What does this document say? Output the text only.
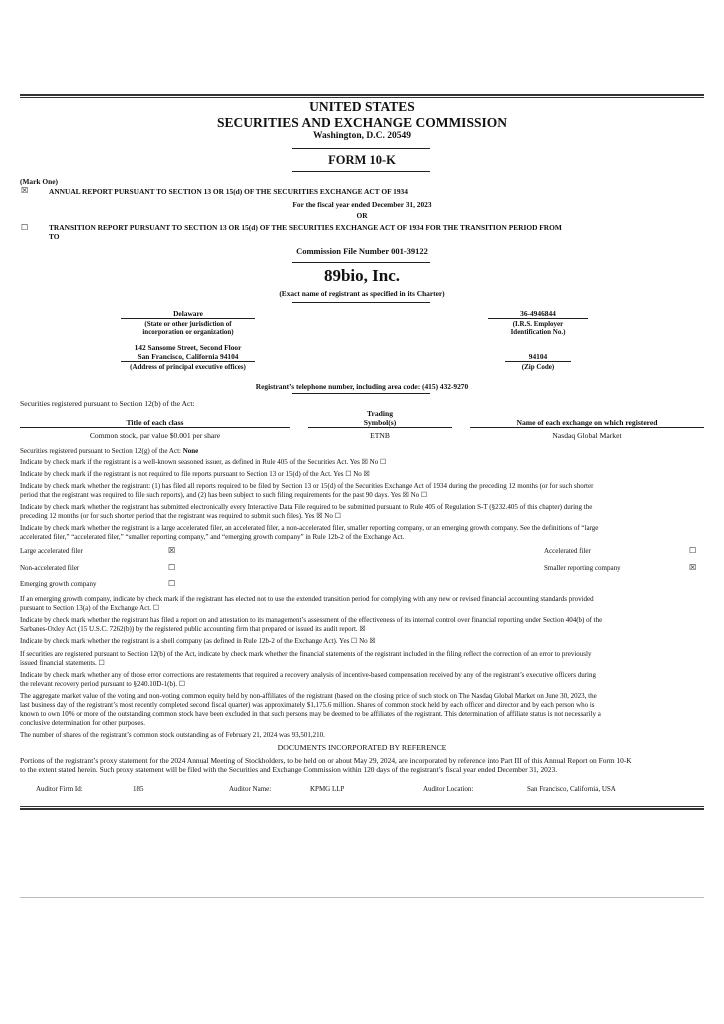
UNITED STATES
SECURITIES AND EXCHANGE COMMISSION
Washington, D.C. 20549
FORM 10-K
(Mark One)
☒	ANNUAL REPORT PURSUANT TO SECTION 13 OR 15(d) OF THE SECURITIES EXCHANGE ACT OF 1934
For the fiscal year ended December 31, 2023
OR
☐	TRANSITION REPORT PURSUANT TO SECTION 13 OR 15(d) OF THE SECURITIES EXCHANGE ACT OF 1934 FOR THE TRANSITION PERIOD FROM
TO
Commission File Number 001-39122
89bio, Inc.
(Exact name of registrant as specified in its Charter)
Delaware
(State or other jurisdiction of
incorporation or organization)
36-4946844
(I.R.S. Employer
Identification No.)
142 Sansome Street, Second Floor
San Francisco, California 94104
(Address of principal executive offices)
94104
(Zip Code)
Registrant’s telephone number, including area code: (415) 432-9270
Securities registered pursuant to Section 12(b) of the Act:
Title of each class		Trading
Symbol(s)		Name of each exchange on which registered
Common stock, par value $0.001 per share		ETNB		Nasdaq Global Market
Securities registered pursuant to Section 12(g) of the Act: None
Indicate by check mark if the registrant is a well-known seasoned issuer, as defined in Rule 405 of the Securities Act. Yes ☒ No ☐
Indicate by check mark if the registrant is not required to file reports pursuant to Section 13 or 15(d) of the Act. Yes ☐ No ☒
Indicate by check mark whether the registrant: (1) has filed all reports required to be filed by Section 13 or 15(d) of the Securities Exchange Act of 1934 during the preceding 12 months (or for such shorter
period that the registrant was required to file such reports), and (2) has been subject to such filing requirements for the past 90 days. Yes ☒ No ☐
Indicate by check mark whether the registrant has submitted electronically every Interactive Data File required to be submitted pursuant to Rule 405 of Regulation S-T (§232.405 of this chapter) during the
preceding 12 months (or for such shorter period that the registrant was required to submit such files). Yes ☒ No ☐
Indicate by check mark whether the registrant is a large accelerated filer, an accelerated filer, a non-accelerated filer, smaller reporting company, or an emerging growth company. See the definitions of “large
accelerated filer,” “accelerated filer,” “smaller reporting company,” and “emerging growth company” in Rule 12b-2 of the Exchange Act.
Large accelerated filer	☒	Accelerated filer	☐
Non-accelerated filer	☐	Smaller reporting company	☒
Emerging growth company	☐
If an emerging growth company, indicate by check mark if the registrant has elected not to use the extended transition period for complying with any new or revised financial accounting standards provided
pursuant to Section 13(a) of the Exchange Act. ☐
Indicate by check mark whether the registrant has filed a report on and attestation to its management’s assessment of the effectiveness of its internal control over financial reporting under Section 404(b) of the
Sarbanes-Oxley Act (15 U.S.C. 7262(b)) by the registered public accounting firm that prepared or issued its audit report. ☒
Indicate by check mark whether the registrant is a shell company (as defined in Rule 12b-2 of the Exchange Act). Yes ☐ No ☒
If securities are registered pursuant to Section 12(b) of the Act, indicate by check mark whether the financial statements of the registrant included in the filing reflect the correction of an error to previously
issued financial statements. ☐
Indicate by check mark whether any of those error corrections are restatements that required a recovery analysis of incentive-based compensation received by any of the registrant’s executive officers during
the relevant recovery period pursuant to §240.10D-1(b). ☐
The aggregate market value of the voting and non-voting common equity held by non-affiliates of the registrant (based on the closing price of such stock on The Nasdaq Global Market on June 30, 2023, the
last business day of the registrant’s most recently completed second fiscal quarter) was approximately $1,175.6 million. Shares of common stock held by each officer and director and by each person who is
known to own 10% or more of the outstanding common stock have been excluded in that such persons may be deemed to be affiliates of the registrant. This determination of affiliate status is not necessarily a
conclusive determination for other purposes.
The number of shares of the registrant’s common stock outstanding as of February 21, 2024 was 93,501,210.
DOCUMENTS INCORPORATED BY REFERENCE
Portions of the registrant’s proxy statement for the 2024 Annual Meeting of Stockholders, to be held on or about May 29, 2024, are incorporated by reference into Part III of this Annual Report on Form 10-K
to the extent stated herein. Such proxy statement will be filed with the Securities and Exchange Commission within 120 days of the registrant’s fiscal year ended December 31, 2023.
Auditor Firm Id:	185	Auditor Name:	KPMG LLP	Auditor Location:	San Francisco, California, USA
